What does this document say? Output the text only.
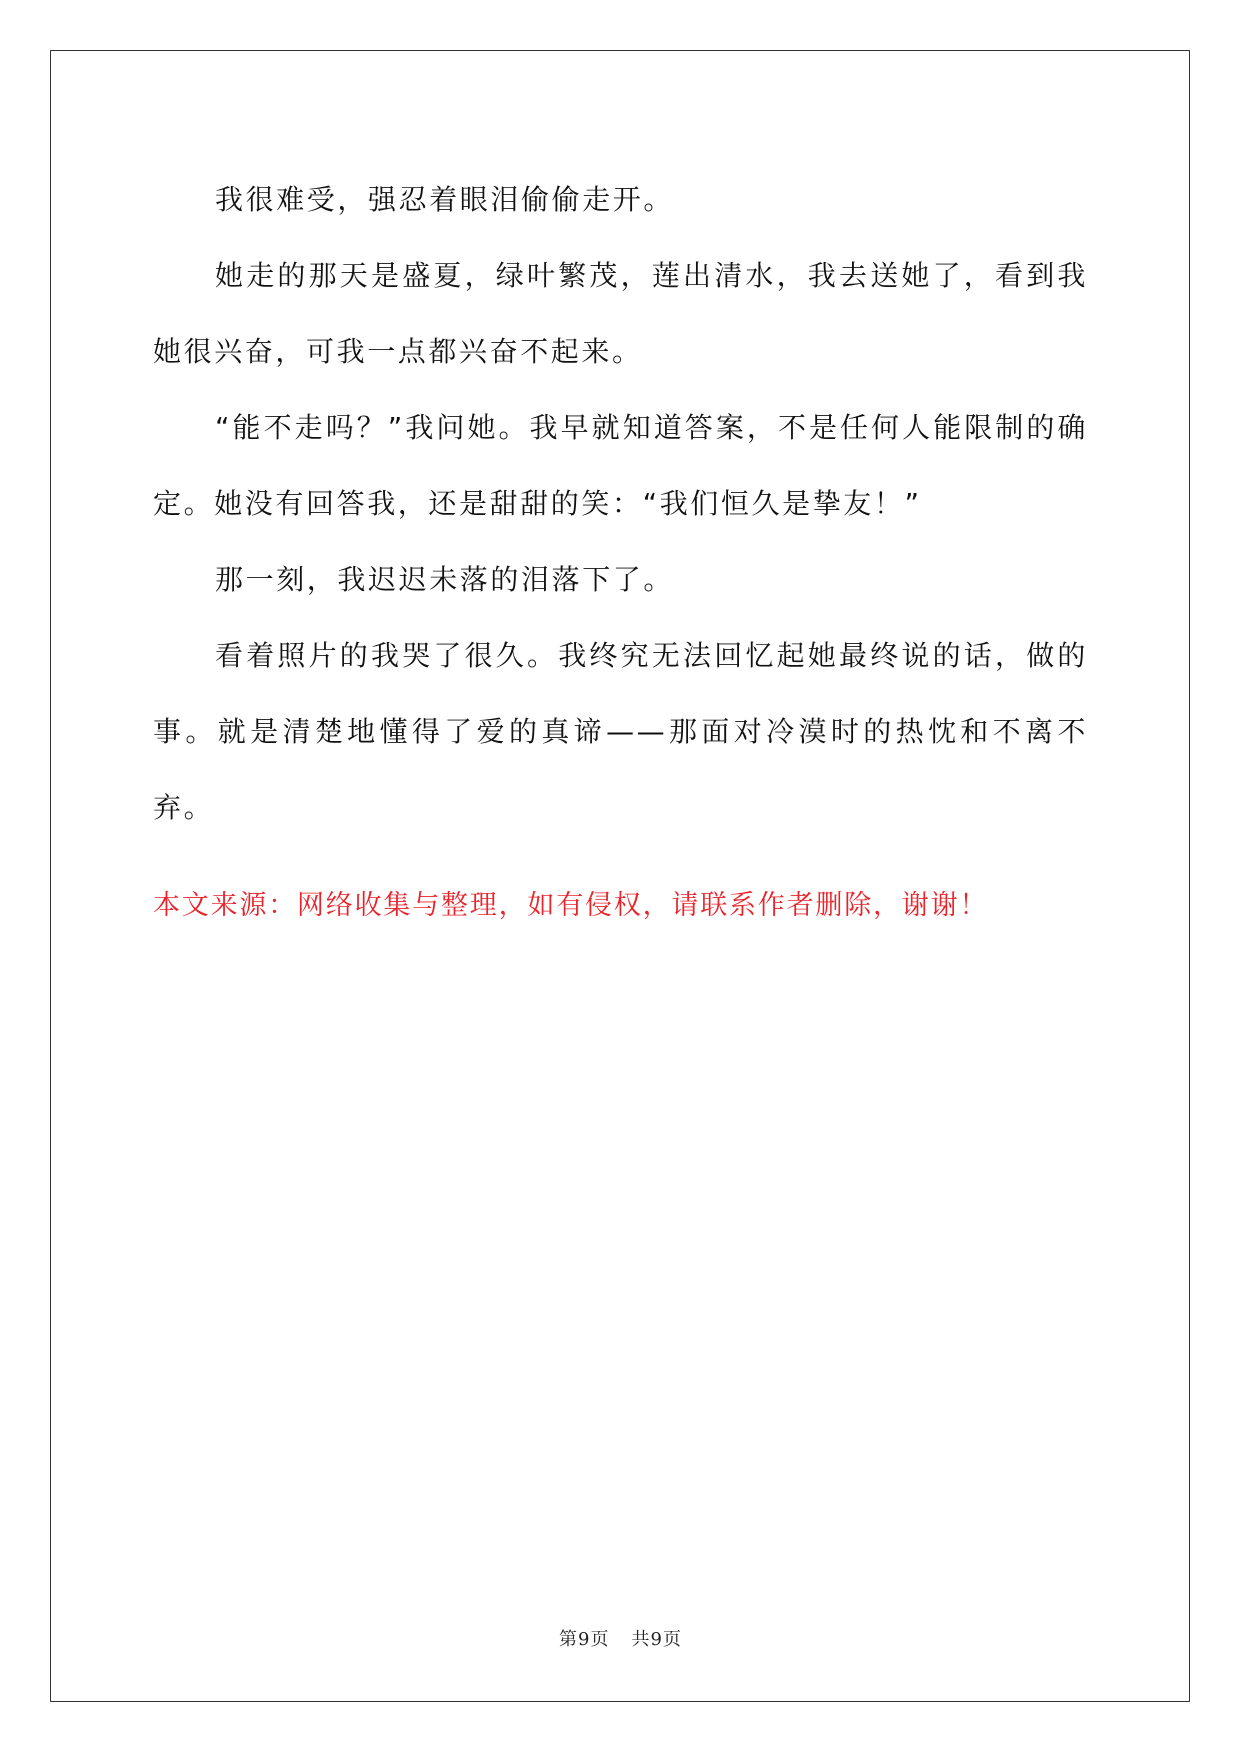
我很难受，强忍着眼泪偷偷走开。

她走的那天是盛夏，绿叶繁茂，莲出清水，我去送她了，看到我她很兴奋，可我一点都兴奋不起来。

“能不走吗？”我问她。我早就知道答案，不是任何人能限制的确定。她没有回答我，还是甜甜的笑：“我们恒久是挚友！”

那一刻，我迟迟未落的泪落下了。

看着照片的我哭了很久。我终究无法回忆起她最终说的话，做的事。就是清楚地懂得了爱的真谛——那面对冷漠时的热忱和不离不弃。

本文来源：网络收集与整理，如有侵权，请联系作者删除，谢谢！
第9页 共9页
